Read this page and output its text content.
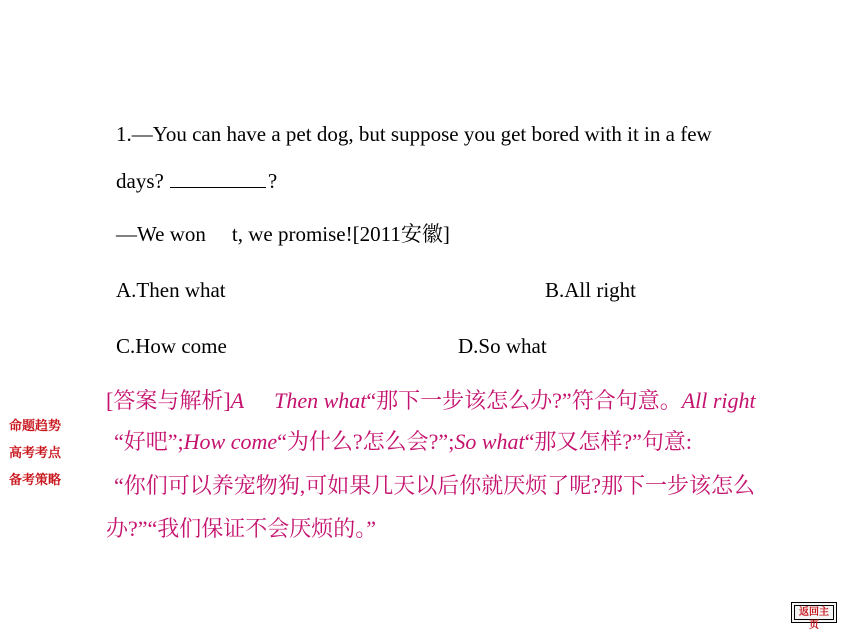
1.—You can have a pet dog, but suppose you get bored with it in a few
days?	?
—We won t, we promise![2011安徽]
A.Then what	B.All right
C.How come	D.So what
[答案与解析]A Then what“那下一步该怎么办?”符合句意。All right
“好吧”;How come“为什么?怎么会?”;So what“那又怎样?”句意:
“你们可以养宠物狗,可如果几天以后你就厌烦了呢?那下一步该怎么
办?”“我们保证不会厌烦的。”
命题趋势
高考考点
备考策略
返回主页
